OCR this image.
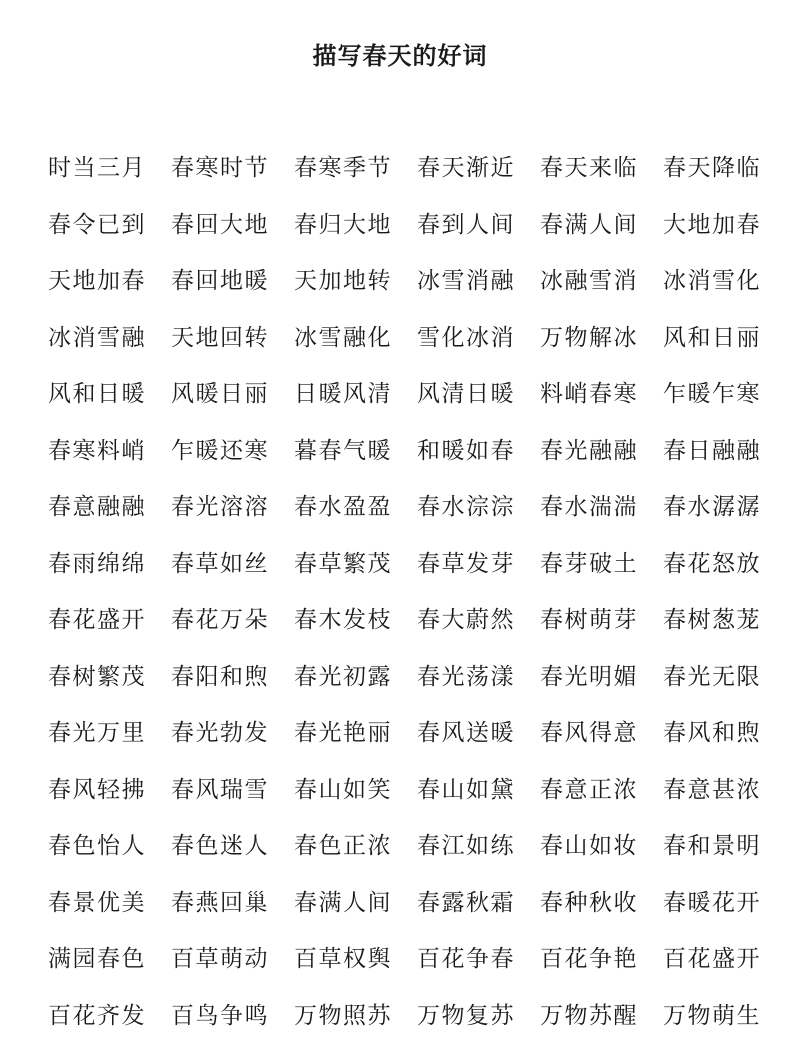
描写春天的好词
时当三月	春寒时节	春寒季节	春天渐近	春天来临	春天降临
春令已到	春回大地	春归大地	春到人间	春满人间	大地加春
天地加春	春回地暖	天加地转	冰雪消融	冰融雪消	冰消雪化
冰消雪融	天地回转	冰雪融化	雪化冰消	万物解冰	风和日丽
风和日暖	风暖日丽	日暖风清	风清日暖	料峭春寒	乍暖乍寒
春寒料峭	乍暖还寒	暮春气暖	和暖如春	春光融融	春日融融
春意融融	春光溶溶	春水盈盈	春水淙淙	春水湍湍	春水潺潺
春雨绵绵	春草如丝	春草繁茂	春草发芽	春芽破土	春花怒放
春花盛开	春花万朵	春木发枝	春大蔚然	春树萌芽	春树葱茏
春树繁茂	春阳和煦	春光初露	春光荡漾	春光明媚	春光无限
春光万里	春光勃发	春光艳丽	春风送暖	春风得意	春风和煦
春风轻拂	春风瑞雪	春山如笑	春山如黛	春意正浓	春意甚浓
春色怡人	春色迷人	春色正浓	春江如练	春山如妆	春和景明
春景优美	春燕回巢	春满人间	春露秋霜	春种秋收	春暖花开
满园春色	百草萌动	百草权舆	百花争春	百花争艳	百花盛开
百花齐发	百鸟争鸣	万物照苏	万物复苏	万物苏醒	万物萌生
